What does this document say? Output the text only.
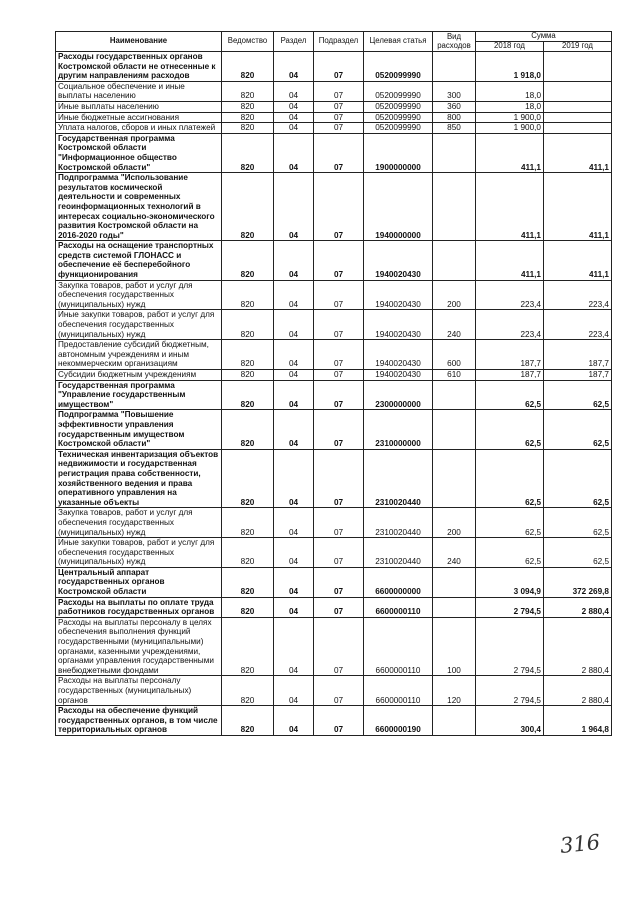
Наименование	Ведомство	Раздел	Подраздел	Целевая статья	Вид расходов	Сумма	
						2018 год	2019 год
Расходы государственных органов Костромской области не отнесенные к другим направлениям расходов	820	04	07	0520099990		1 918,0	
Социальное обеспечение и иные выплаты населению	820	04	07	0520099990	300	18,0	
Иные выплаты населению	820	04	07	0520099990	360	18,0	
Иные бюджетные ассигнования	820	04	07	0520099990	800	1 900,0	
Уплата налогов, сборов и иных платежей	820	04	07	0520099990	850	1 900,0	
Государственная программа Костромской области "Информационное общество Костромской области"	820	04	07	1900000000		411,1	411,1
Подпрограмма "Использование результатов космической деятельности и современных геоинформационных технологий в интересах социально-экономического развития Костромской области на 2016-2020 годы"	820	04	07	1940000000		411,1	411,1
Расходы на оснащение транспортных средств системой ГЛОНАСС и обеспечение её бесперебойного функционирования	820	04	07	1940020430		411,1	411,1
Закупка товаров, работ и услуг для обеспечения государственных (муниципальных) нужд	820	04	07	1940020430	200	223,4	223,4
Иные закупки товаров, работ и услуг для обеспечения государственных (муниципальных) нужд	820	04	07	1940020430	240	223,4	223,4
Предоставление субсидий бюджетным, автономным учреждениям и иным некоммерческим организациям	820	04	07	1940020430	600	187,7	187,7
Субсидии бюджетным учреждениям	820	04	07	1940020430	610	187,7	187,7
Государственная программа "Управление государственным имуществом"	820	04	07	2300000000		62,5	62,5
Подпрограмма "Повышение эффективности управления государственным имуществом Костромской области"	820	04	07	2310000000		62,5	62,5
Техническая инвентаризация объектов недвижимости и государственная регистрация права собственности, хозяйственного ведения и права оперативного управления на указанные объекты	820	04	07	2310020440		62,5	62,5
Закупка товаров, работ и услуг для обеспечения государственных (муниципальных) нужд	820	04	07	2310020440	200	62,5	62,5
Иные закупки товаров, работ и услуг для обеспечения государственных (муниципальных) нужд	820	04	07	2310020440	240	62,5	62,5
Центральный аппарат государственных органов Костромской области	820	04	07	6600000000		3 094,9	372 269,8
Расходы на выплаты по оплате труда работников государственных органов	820	04	07	6600000110		2 794,5	2 880,4
Расходы на выплаты персоналу в целях обеспечения выполнения функций государственными (муниципальными) органами, казенными учреждениями, органами управления государственными внебюджетными фондами	820	04	07	6600000110	100	2 794,5	2 880,4
Расходы на выплаты персоналу государственных (муниципальных) органов	820	04	07	6600000110	120	2 794,5	2 880,4
Расходы на обеспечение функций государственных органов, в том числе территориальных органов	820	04	07	6600000190		300,4	1 964,8
316
